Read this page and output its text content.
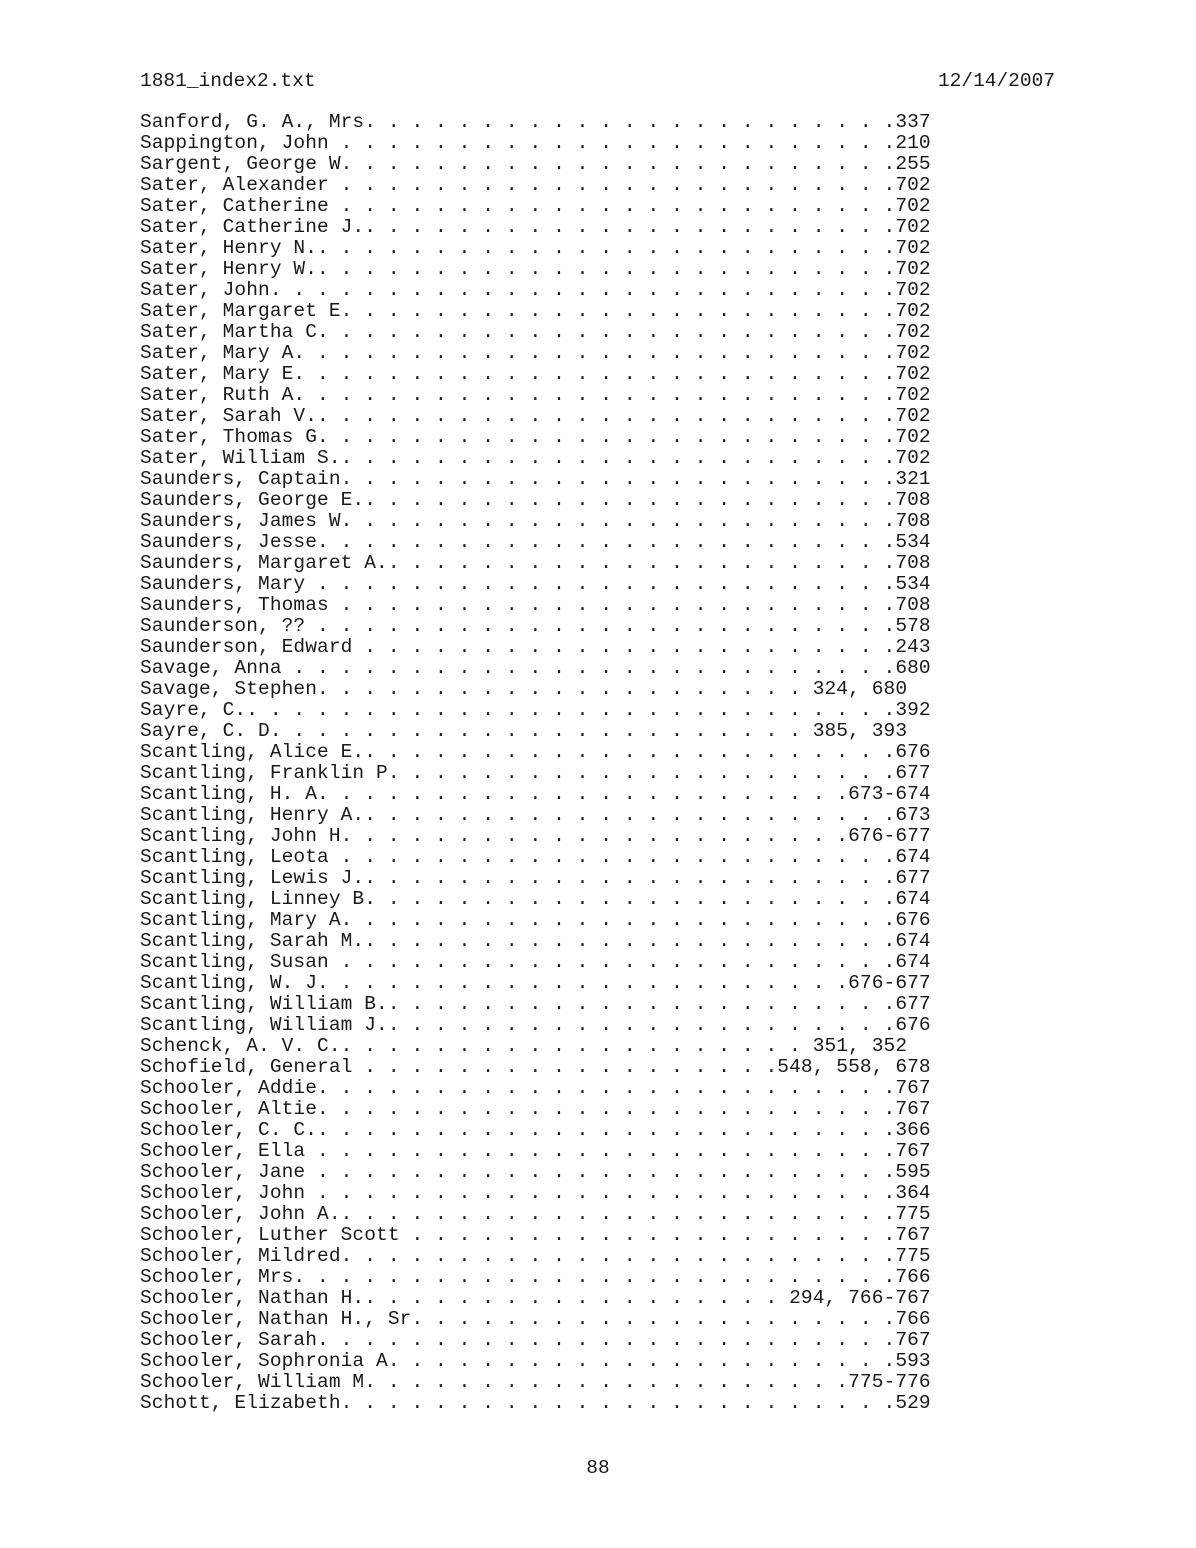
1881_index2.txt	12/14/2007
Sanford, G. A., Mrs. . . . . . . . . . . . . . . . . . . . . . .337
Sappington, John . . . . . . . . . . . . . . . . . . . . . . . .210
Sargent, George W. . . . . . . . . . . . . . . . . . . . . . . .255
Sater, Alexander . . . . . . . . . . . . . . . . . . . . . . . .702
Sater, Catherine . . . . . . . . . . . . . . . . . . . . . . . .702
Sater, Catherine J.. . . . . . . . . . . . . . . . . . . . . . .702
Sater, Henry N.. . . . . . . . . . . . . . . . . . . . . . . . .702
Sater, Henry W.. . . . . . . . . . . . . . . . . . . . . . . . .702
Sater, John. . . . . . . . . . . . . . . . . . . . . . . . . . .702
Sater, Margaret E. . . . . . . . . . . . . . . . . . . . . . . .702
Sater, Martha C. . . . . . . . . . . . . . . . . . . . . . . . .702
Sater, Mary A. . . . . . . . . . . . . . . . . . . . . . . . . .702
Sater, Mary E. . . . . . . . . . . . . . . . . . . . . . . . . .702
Sater, Ruth A. . . . . . . . . . . . . . . . . . . . . . . . . .702
Sater, Sarah V.. . . . . . . . . . . . . . . . . . . . . . . . .702
Sater, Thomas G. . . . . . . . . . . . . . . . . . . . . . . . .702
Sater, William S.. . . . . . . . . . . . . . . . . . . . . . . .702
Saunders, Captain. . . . . . . . . . . . . . . . . . . . . . . .321
Saunders, George E.. . . . . . . . . . . . . . . . . . . . . . .708
Saunders, James W. . . . . . . . . . . . . . . . . . . . . . . .708
Saunders, Jesse. . . . . . . . . . . . . . . . . . . . . . . . .534
Saunders, Margaret A.. . . . . . . . . . . . . . . . . . . . . .708
Saunders, Mary . . . . . . . . . . . . . . . . . . . . . . . . .534
Saunders, Thomas . . . . . . . . . . . . . . . . . . . . . . . .708
Saunderson, ?? . . . . . . . . . . . . . . . . . . . . . . . . .578
Saunderson, Edward . . . . . . . . . . . . . . . . . . . . . . .243
Savage, Anna . . . . . . . . . . . . . . . . . . . . . . . . . .680
Savage, Stephen. . . . . . . . . . . . . . . . . . . . . 324, 680
Sayre, C.. . . . . . . . . . . . . . . . . . . . . . . . . . . .392
Sayre, C. D. . . . . . . . . . . . . . . . . . . . . . . 385, 393
Scantling, Alice E.. . . . . . . . . . . . . . . . . . . . . . .676
Scantling, Franklin P. . . . . . . . . . . . . . . . . . . . . .677
Scantling, H. A. . . . . . . . . . . . . . . . . . . . . . .673-674
Scantling, Henry A.. . . . . . . . . . . . . . . . . . . . . . .673
Scantling, John H. . . . . . . . . . . . . . . . . . . . . .676-677
Scantling, Leota . . . . . . . . . . . . . . . . . . . . . . . .674
Scantling, Lewis J.. . . . . . . . . . . . . . . . . . . . . . .677
Scantling, Linney B. . . . . . . . . . . . . . . . . . . . . . .674
Scantling, Mary A. . . . . . . . . . . . . . . . . . . . . . . .676
Scantling, Sarah M.. . . . . . . . . . . . . . . . . . . . . . .674
Scantling, Susan . . . . . . . . . . . . . . . . . . . . . . . .674
Scantling, W. J. . . . . . . . . . . . . . . . . . . . . . .676-677
Scantling, William B.. . . . . . . . . . . . . . . . . . . . . .677
Scantling, William J.. . . . . . . . . . . . . . . . . . . . . .676
Schenck, A. V. C.. . . . . . . . . . . . . . . . . . . . 351, 352
Schofield, General . . . . . . . . . . . . . . . . . .548, 558, 678
Schooler, Addie. . . . . . . . . . . . . . . . . . . . . . . . .767
Schooler, Altie. . . . . . . . . . . . . . . . . . . . . . . . .767
Schooler, C. C.. . . . . . . . . . . . . . . . . . . . . . . . .366
Schooler, Ella . . . . . . . . . . . . . . . . . . . . . . . . .767
Schooler, Jane . . . . . . . . . . . . . . . . . . . . . . . . .595
Schooler, John . . . . . . . . . . . . . . . . . . . . . . . . .364
Schooler, John A.. . . . . . . . . . . . . . . . . . . . . . . .775
Schooler, Luther Scott . . . . . . . . . . . . . . . . . . . . .767
Schooler, Mildred. . . . . . . . . . . . . . . . . . . . . . . .775
Schooler, Mrs. . . . . . . . . . . . . . . . . . . . . . . . . .766
Schooler, Nathan H.. . . . . . . . . . . . . . . . . . 294, 766-767
Schooler, Nathan H., Sr. . . . . . . . . . . . . . . . . . . . .766
Schooler, Sarah. . . . . . . . . . . . . . . . . . . . . . . . .767
Schooler, Sophronia A. . . . . . . . . . . . . . . . . . . . . .593
Schooler, William M. . . . . . . . . . . . . . . . . . . . .775-776
Schott, Elizabeth. . . . . . . . . . . . . . . . . . . . . . . .529
88
